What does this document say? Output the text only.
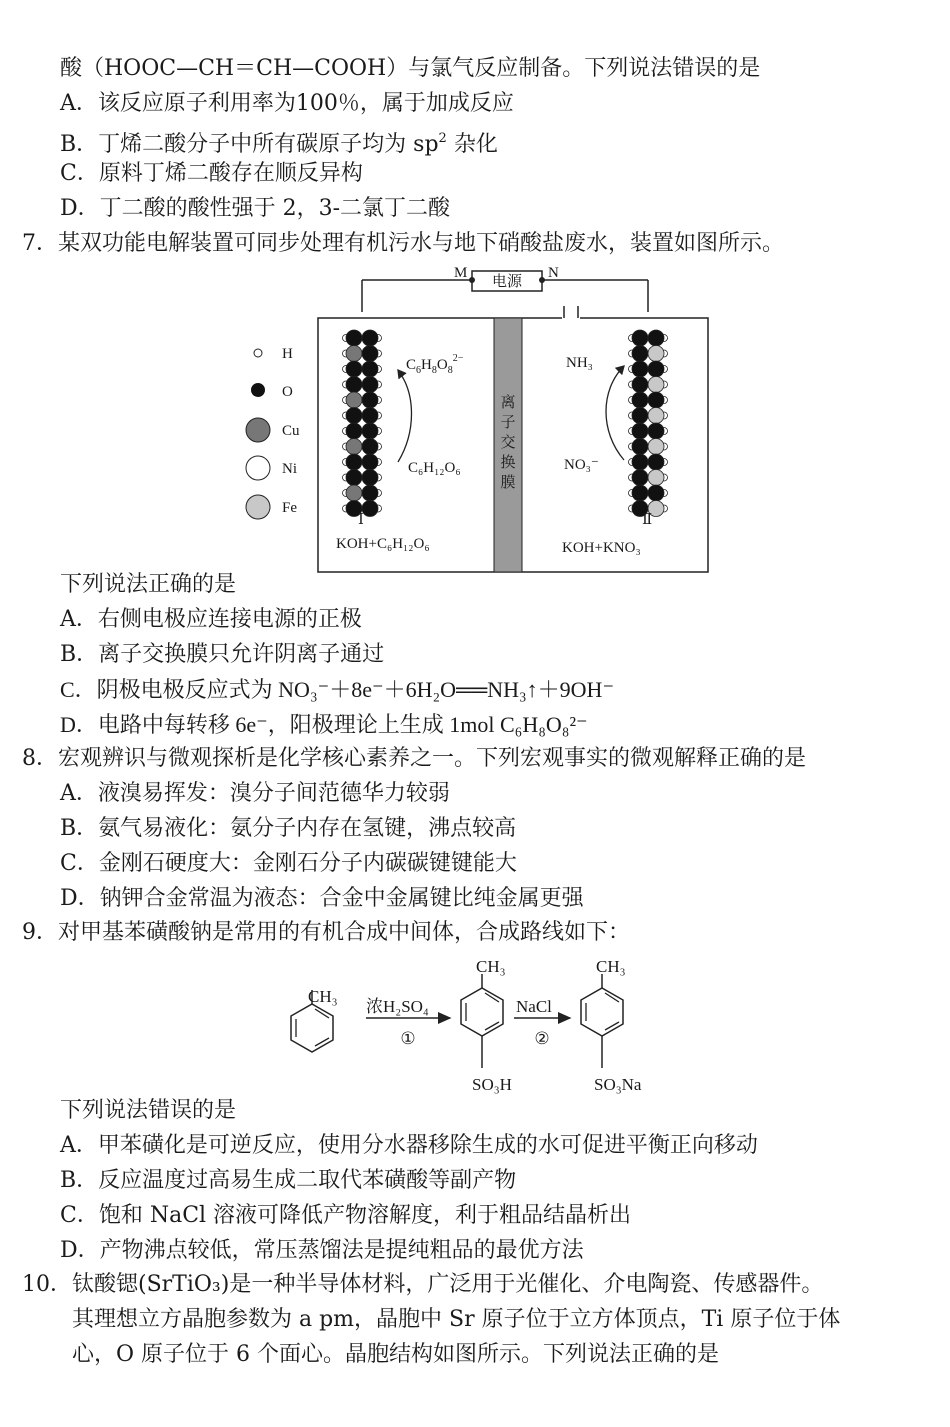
酸（HOOC—CH＝CH—COOH）与氯气反应制备。下列说法错误的是
A．该反应原子利用率为100％，属于加成反应
B．丁烯二酸分子中所有碳原子均为 $sp^2$ 杂化
C．原料丁烯二酸存在顺反异构
D．丁二酸的酸性强于 2，3-二氯丁二酸
7．某双功能电解装置可同步处理有机污水与地下硝酸盐废水，装置如图所示。
电源
M	N
离
子
交
换
膜
H
O
Cu
Ni
Fe
$C_6H_8O_8^{2-}$
C₆H₁₂O₆
Ⅰ
KOH+C₆H₁₂O₆
NH₃
NO₃⁻
Ⅱ
KOH+KNO₃
下列说法正确的是
A．右侧电极应连接电源的正极
B．离子交换膜只允许阴离子通过
C．阴极电极反应式为 NO₃⁻＋8e⁻＋6H₂O══NH₃↑＋9OH⁻
D．电路中每转移 6e⁻，阳极理论上生成 1mol C₆H₈O₈²⁻
8．宏观辨识与微观探析是化学核心素养之一。下列宏观事实的微观解释正确的是
A．液溴易挥发：溴分子间范德华力较弱
B．氨气易液化：氨分子内存在氢键，沸点较高
C．金刚石硬度大：金刚石分子内碳碳键键能大
D．钠钾合金常温为液态：合金中金属键比纯金属更强
9．对甲基苯磺酸钠是常用的有机合成中间体，合成路线如下：
CH₃
浓H₂SO₄
①
CH₃
SO₃H
NaCl
②
CH₃
SO₃Na
下列说法错误的是
A．甲苯磺化是可逆反应，使用分水器移除生成的水可促进平衡正向移动
B．反应温度过高易生成二取代苯磺酸等副产物
C．饱和 NaCl 溶液可降低产物溶解度，利于粗品结晶析出
D．产物沸点较低，常压蒸馏法是提纯粗品的最优方法
10．钛酸锶(SrTiO₃)是一种半导体材料，广泛用于光催化、介电陶瓷、传感器件。
其理想立方晶胞参数为 a pm，晶胞中 Sr 原子位于立方体顶点，Ti 原子位于体
心，O 原子位于 6 个面心。晶胞结构如图所示。下列说法正确的是
